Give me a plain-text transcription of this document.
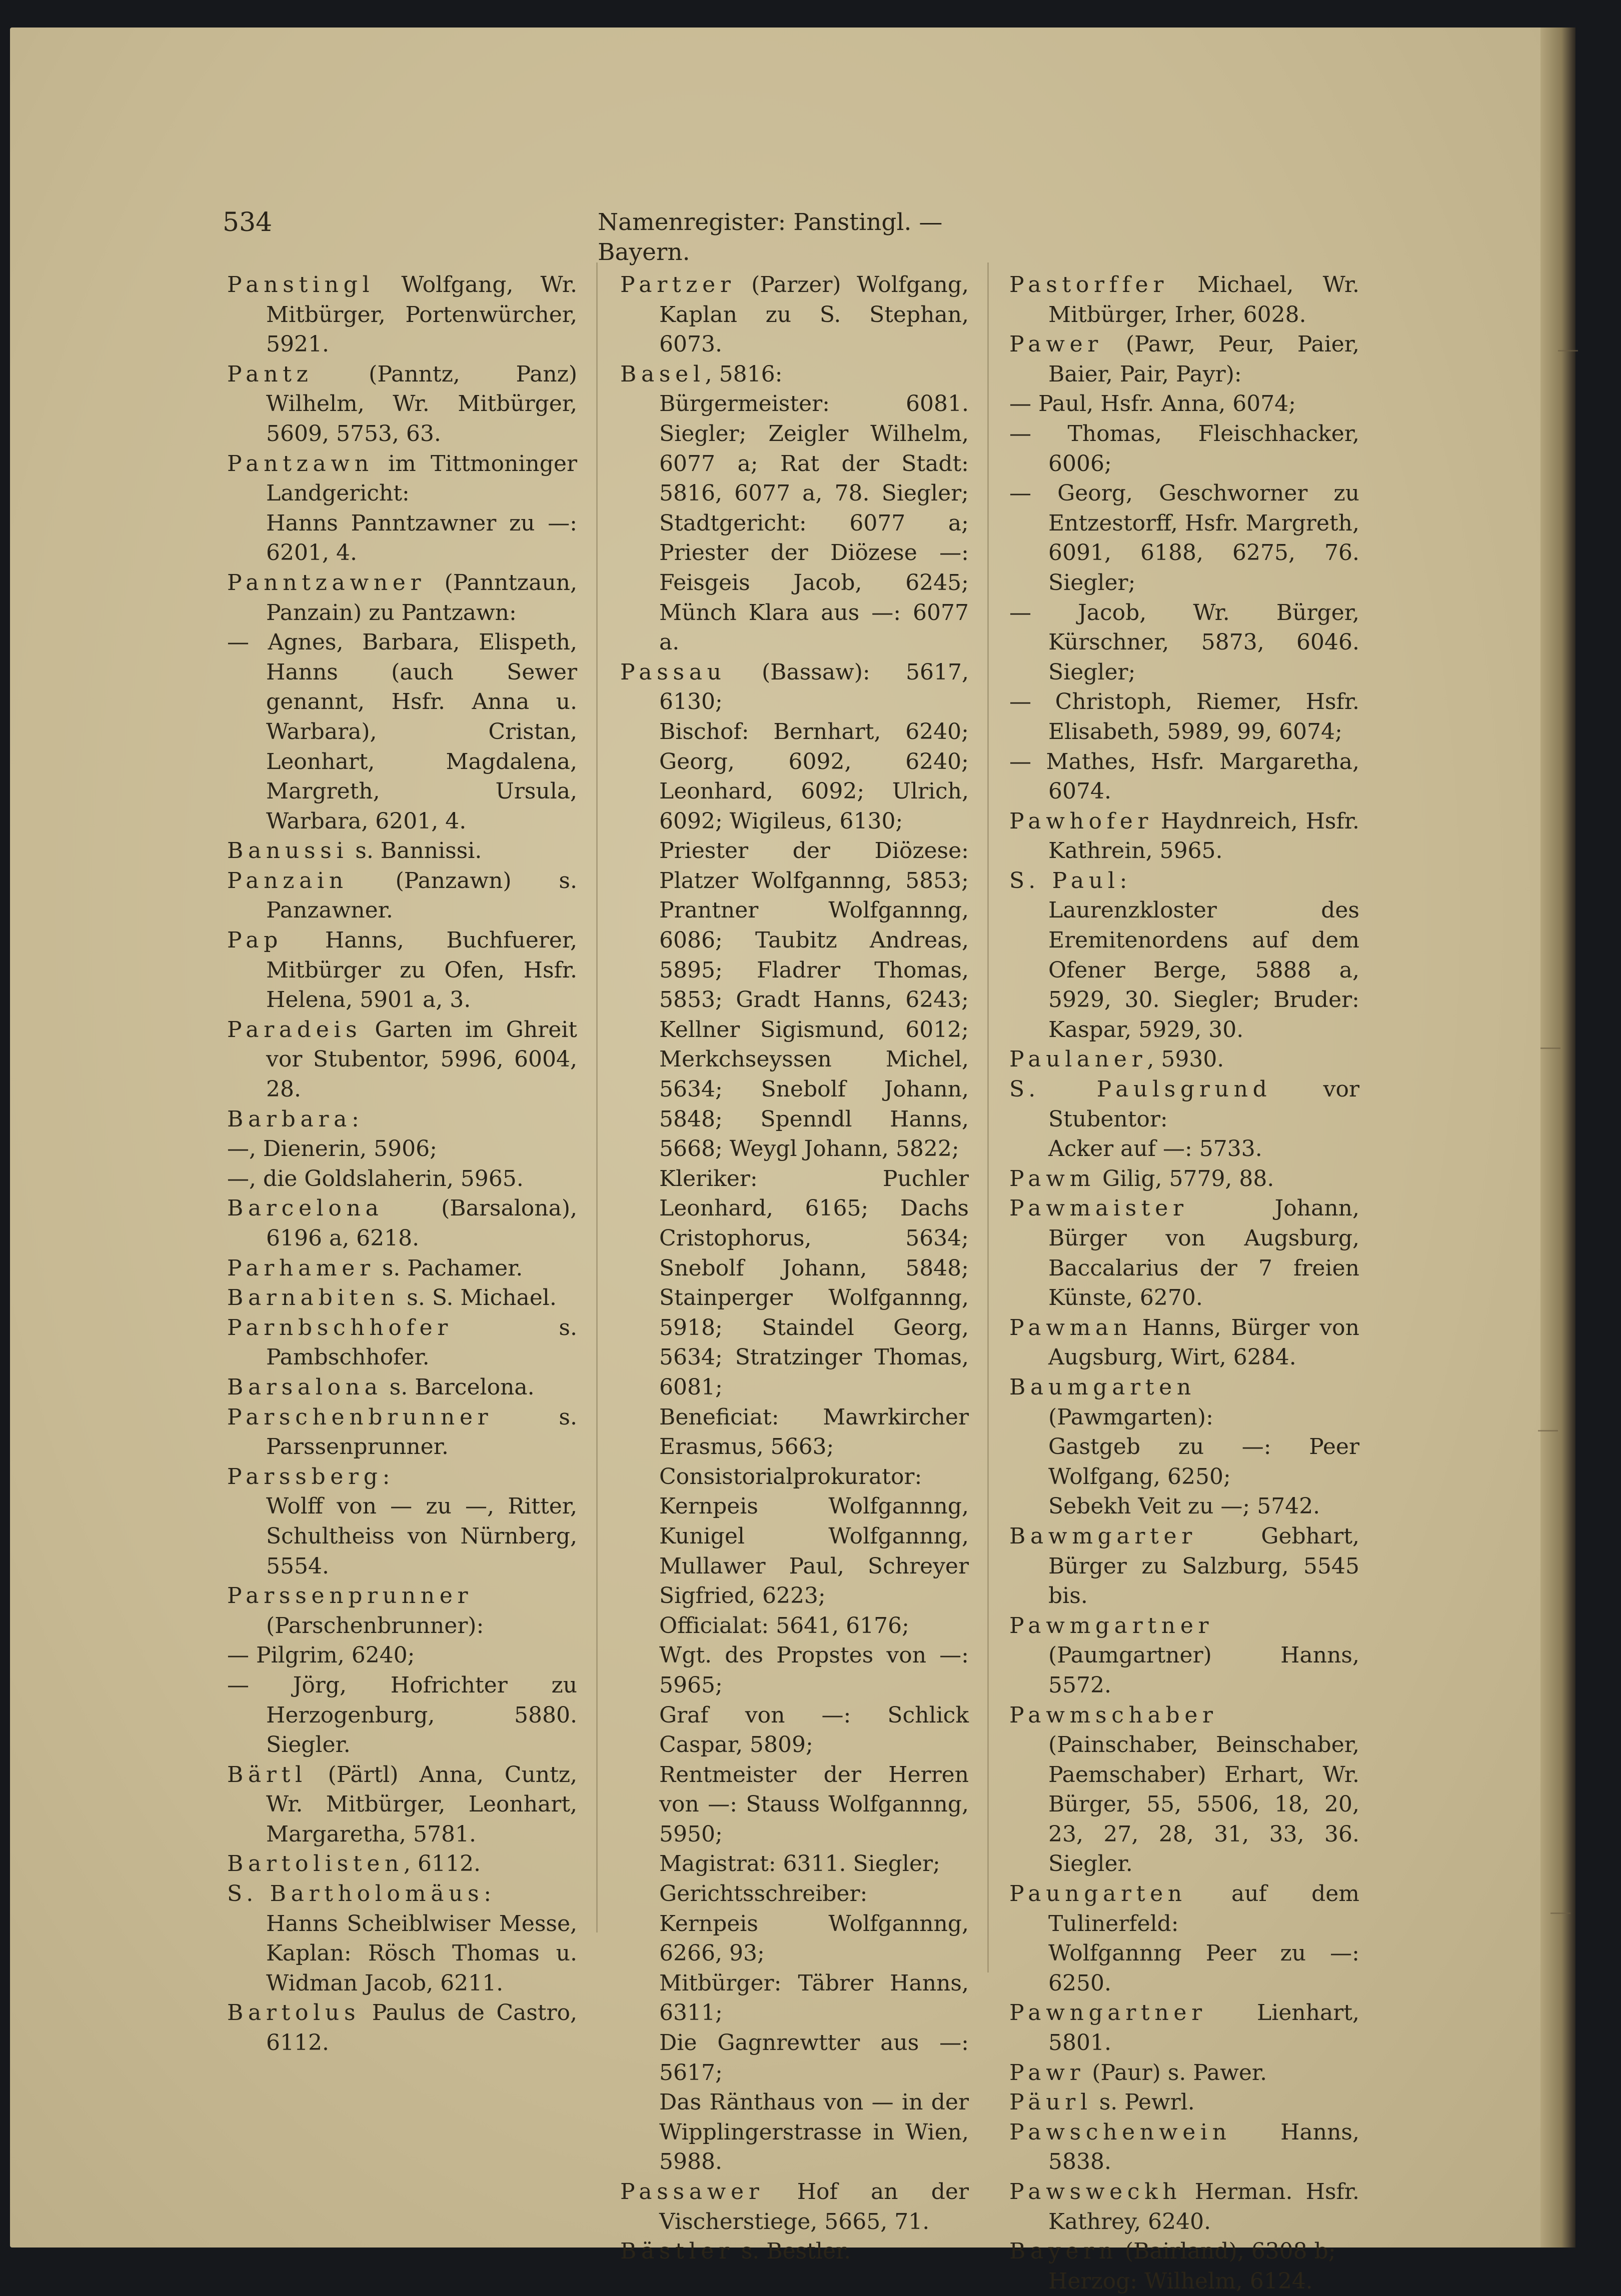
534	Namenregister: Panstingl. — Bayern.

Panstingl Wolfgang, Wr. Mitbürger, Portenwürcher, 5921.

Pantz (Panntz, Panz) Wilhelm, Wr. Mitbürger, 5609, 5753, 63.

Pantzawn im Tittmoninger Landgericht:

Hanns Panntzawner zu —: 6201, 4.

Panntzawner (Panntzaun, Panzain) zu Pantzawn:

— Agnes, Barbara, Elispeth, Hanns (auch Sewer genannt, Hsfr. Anna u. Warbara), Cristan, Leonhart, Magdalena, Margreth, Ursula, Warbara, 6201, 4.

Banussi s. Bannissi.

Panzain (Panzawn) s. Panzawner.

Pap Hanns, Buchfuerer, Mitbürger zu Ofen, Hsfr. Helena, 5901 a, 3.

Paradeis Garten im Ghreit vor Stubentor, 5996, 6004, 28.

Barbara:

—, Dienerin, 5906;

—, die Goldslaherin, 5965.

Barcelona (Barsalona), 6196 a, 6218.

Parhamer s. Pachamer.

Barnabiten s. S. Michael.

Parnbschhofer s. Pambschhofer.

Barsalona s. Barcelona.

Parschenbrunner s. Parssenprunner.

Parssberg:

Wolff von — zu —, Ritter, Schultheiss von Nürnberg, 5554.

Parssenprunner (Parschenbrunner):

— Pilgrim, 6240;

— Jörg, Hofrichter zu Herzogenburg, 5880. Siegler.

Bärtl (Pärtl) Anna, Cuntz, Wr. Mitbürger, Leonhart, Margaretha, 5781.

Bartolisten, 6112.

S. Bartholomäus:

Hanns Scheiblwiser Messe, Kaplan: Rösch Thomas u. Widman Jacob, 6211.

Bartolus Paulus de Castro, 6112.

Partzer (Parzer) Wolfgang, Kaplan zu S. Stephan, 6073.

Basel, 5816:

Bürgermeister: 6081. Siegler; Zeigler Wilhelm, 6077 a; Rat der Stadt: 5816, 6077 a, 78. Siegler; Stadtgericht: 6077 a; Priester der Diözese —: Feisgeis Jacob, 6245; Münch Klara aus —: 6077 a.

Passau (Bassaw): 5617, 6130;

Bischof: Bernhart, 6240; Georg, 6092, 6240; Leonhard, 6092; Ulrich, 6092; Wigileus, 6130;

Priester der Diözese: Platzer Wolfgannng, 5853; Prantner Wolfgannng, 6086; Taubitz Andreas, 5895; Fladrer Thomas, 5853; Gradt Hanns, 6243; Kellner Sigismund, 6012; Merkchseyssen Michel, 5634; Snebolf Johann, 5848; Spenndl Hanns, 5668; Weygl Johann, 5822;

Kleriker: Puchler Leonhard, 6165; Dachs Cristophorus, 5634; Snebolf Johann, 5848; Stainperger Wolfgannng, 5918; Staindel Georg, 5634; Stratzinger Thomas, 6081;

Beneficiat: Mawrkircher Erasmus, 5663;

Consistorialprokurator: Kernpeis Wolfgannng, Kunigel Wolfgannng, Mullawer Paul, Schreyer Sigfried, 6223;

Officialat: 5641, 6176;

Wgt. des Propstes von —: 5965;

Graf von —: Schlick Caspar, 5809;

Rentmeister der Herren von —: Stauss Wolfgannng, 5950;

Magistrat: 6311. Siegler;

Gerichtsschreiber: Kernpeis Wolfgannng, 6266, 93;

Mitbürger: Täbrer Hanns, 6311;

Die Gagnrewtter aus —: 5617;

Das Ränthaus von — in der Wipplingerstrasse in Wien, 5988.

Passawer Hof an der Vischerstiege, 5665, 71.

Bästler s. Bestler.

Pastorffer Michael, Wr. Mitbürger, Irher, 6028.

Pawer (Pawr, Peur, Paier, Baier, Pair, Payr):

— Paul, Hsfr. Anna, 6074;

— Thomas, Fleischhacker, 6006;

— Georg, Geschworner zu Entzestorff, Hsfr. Margreth, 6091, 6188, 6275, 76. Siegler;

— Jacob, Wr. Bürger, Kürschner, 5873, 6046. Siegler;

— Christoph, Riemer, Hsfr. Elisabeth, 5989, 99, 6074;

— Mathes, Hsfr. Margaretha, 6074.

Pawhofer Haydnreich, Hsfr. Kathrein, 5965.

S. Paul:

Laurenzkloster des Eremitenordens auf dem Ofener Berge, 5888 a, 5929, 30. Siegler; Bruder: Kaspar, 5929, 30.

Paulaner, 5930.

S. Paulsgrund vor Stubentor:

Acker auf —: 5733.

Pawm Gilig, 5779, 88.

Pawmaister Johann, Bürger von Augsburg, Baccalarius der 7 freien Künste, 6270.

Pawman Hanns, Bürger von Augsburg, Wirt, 6284.

Baumgarten (Pawmgarten):

Gastgeb zu —: Peer Wolfgang, 6250;

Sebekh Veit zu —; 5742.

Bawmgarter Gebhart, Bürger zu Salzburg, 5545 bis.

Pawmgartner (Paumgartner) Hanns, 5572.

Pawmschaber (Painschaber, Beinschaber, Paemschaber) Erhart, Wr. Bürger, 55, 5506, 18, 20, 23, 27, 28, 31, 33, 36. Siegler.

Paungarten auf dem Tulinerfeld:

Wolfgannng Peer zu —: 6250.

Pawngartner Lienhart, 5801.

Pawr (Paur) s. Pawer.

Päurl s. Pewrl.

Pawschenwein Hanns, 5838.

Pawsweckh Herman. Hsfr. Kathrey, 6240.

Bayern (Bairland), 6308 b;

Herzog: Wilhelm, 6124.
